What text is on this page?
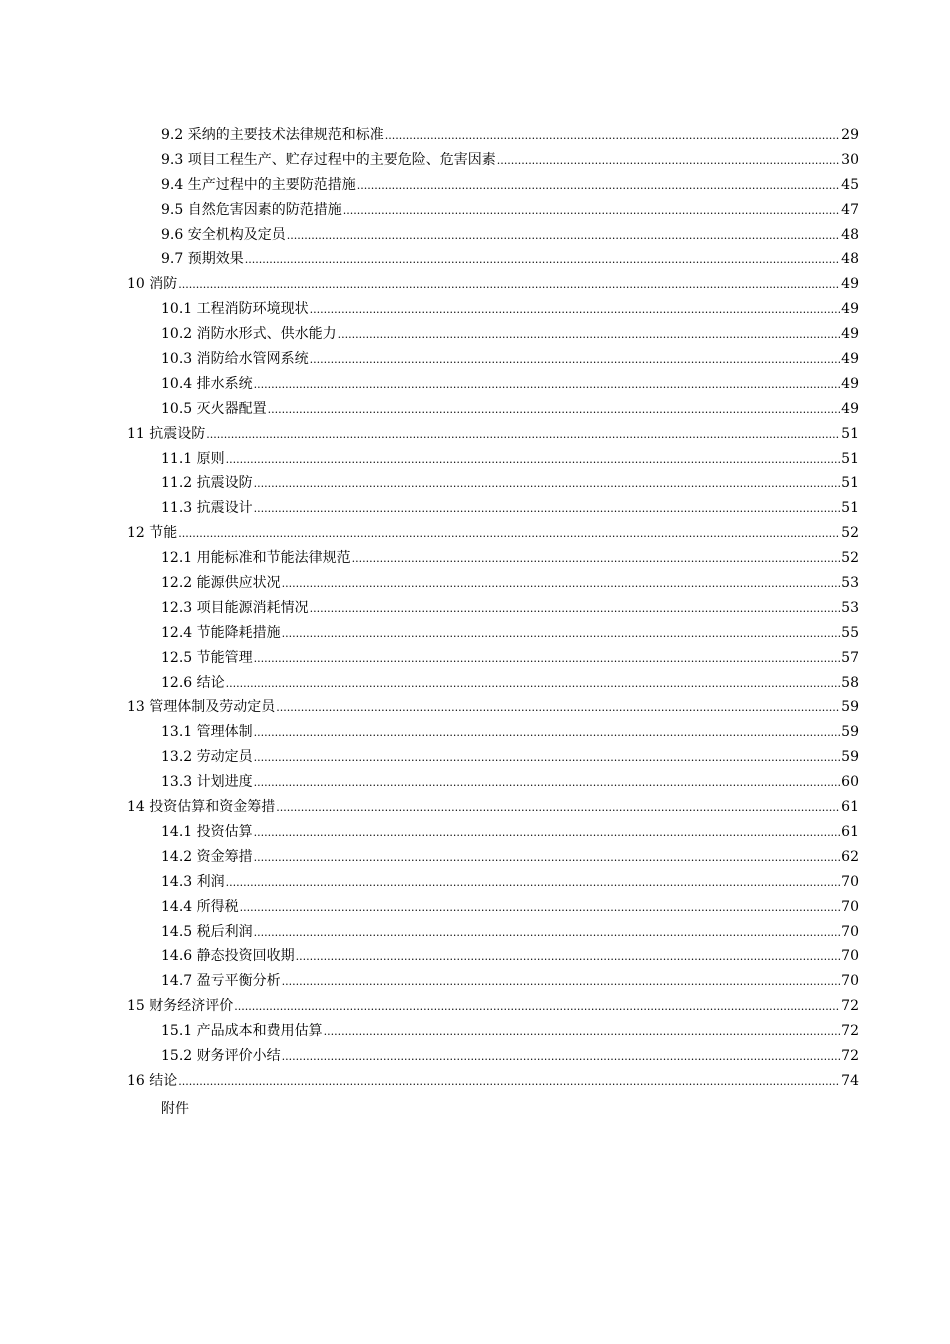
9.2 采纳的主要技术法律规范和标准 .....	29
9.3 项目工程生产、贮存过程中的主要危险、危害因素 .....	30
9.4 生产过程中的主要防范措施 .....	45
9.5 自然危害因素的防范措施 .....	47
9.6 安全机构及定员 .....	48
9.7 预期效果 .....	48
10 消防 .....	49
10.1 工程消防环境现状 .....	49
10.2 消防水形式、供水能力 .....	49
10.3 消防给水管网系统 .....	49
10.4 排水系统 .....	49
10.5 灭火器配置 .....	49
11 抗震设防 .....	51
11.1 原则 .....	51
11.2 抗震设防 .....	51
11.3 抗震设计 .....	51
12 节能 .....	52
12.1 用能标准和节能法律规范 .....	52
12.2 能源供应状况 .....	53
12.3 项目能源消耗情况 .....	53
12.4 节能降耗措施 .....	55
12.5 节能管理 .....	57
12.6 结论 .....	58
13 管理体制及劳动定员 .....	59
13.1 管理体制 .....	59
13.2 劳动定员 .....	59
13.3 计划进度 .....	60
14 投资估算和资金筹措 .....	61
14.1 投资估算 .....	61
14.2 资金筹措 .....	62
14.3 利润 .....	70
14.4 所得税 .....	70
14.5 税后利润 .....	70
14.6 静态投资回收期 .....	70
14.7 盈亏平衡分析 .....	70
15 财务经济评价 .....	72
15.1 产品成本和费用估算 .....	72
15.2 财务评价小结 .....	72
16 结论 .....	74
附件
